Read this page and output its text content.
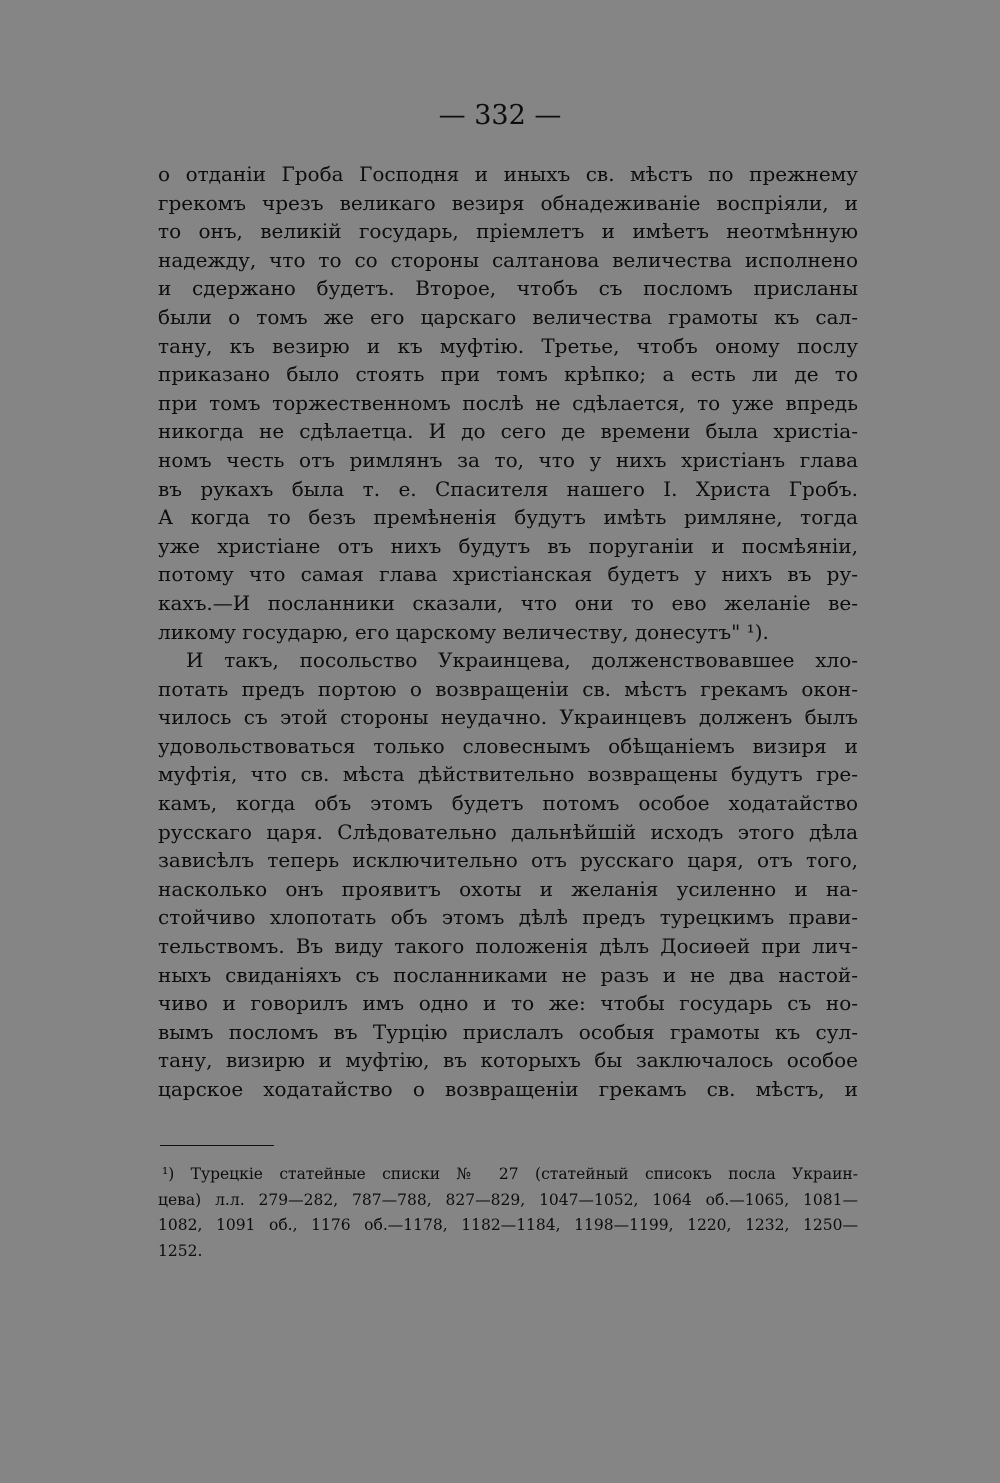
— 332 —
о отданіи Гроба Господня и иныхъ св. мѣстъ по прежнему
грекомъ чрезъ великаго везиря обнадеживаніе воспріяли, и
то онъ, великій государь, пріемлетъ и имѣетъ неотмѣнную
надежду, что то со стороны салтанова величества исполнено
и сдержано будетъ. Второе, чтобъ съ посломъ присланы
были о томъ же его царскаго величества грамоты къ сал-
тану, къ везирю и къ муфтію. Третье, чтобъ оному послу
приказано было стоять при томъ крѣпко; а есть ли де то
при томъ торжественномъ послѣ не сдѣлается, то уже впредь
никогда не сдѣлаетца. И до сего де времени была христіа-
номъ честь отъ римлянъ за то, что у нихъ христіанъ глава
въ рукахъ была т. е. Спасителя нашего І. Христа Гробъ.
А когда то безъ премѣненія будутъ имѣть римляне, тогда
уже христіане отъ нихъ будутъ въ поруганіи и посмѣяніи,
потому что самая глава христіанская будетъ у нихъ въ ру-
кахъ.—И посланники сказали, что они то ево желаніе ве-
ликому государю, его царскому величеству, донесутъ" ¹).
И такъ, посольство Украинцева, долженствовавшее хло-
потать предъ портою о возвращеніи св. мѣстъ грекамъ окон-
чилось съ этой стороны неудачно. Украинцевъ долженъ былъ
удовольствоваться только словеснымъ обѣщаніемъ визиря и
муфтія, что св. мѣста дѣйствительно возвращены будутъ гре-
камъ, когда объ этомъ будетъ потомъ особое ходатайство
русскаго царя. Слѣдовательно дальнѣйшій исходъ этого дѣла
зависѣлъ теперь исключительно отъ русскаго царя, отъ того,
насколько онъ проявитъ охоты и желанія усиленно и на-
стойчиво хлопотать объ этомъ дѣлѣ предъ турецкимъ прави-
тельствомъ. Въ виду такого положенія дѣлъ Досиөей при лич-
ныхъ свиданіяхъ съ посланниками не разъ и не два настой-
чиво и говорилъ имъ одно и то же: чтобы государь съ но-
вымъ посломъ въ Турцію прислалъ особыя грамоты къ сул-
тану, визирю и муфтію, въ которыхъ бы заключалось особое
царское ходатайство о возвращеніи грекамъ св. мѣстъ, и
¹) Турецкіе статейные списки № 27 (статейный списокъ посла Украин-
цева) л.л. 279—282, 787—788, 827—829, 1047—1052, 1064 об.—1065, 1081—
1082, 1091 об., 1176 об.—1178, 1182—1184, 1198—1199, 1220, 1232, 1250—
1252.
